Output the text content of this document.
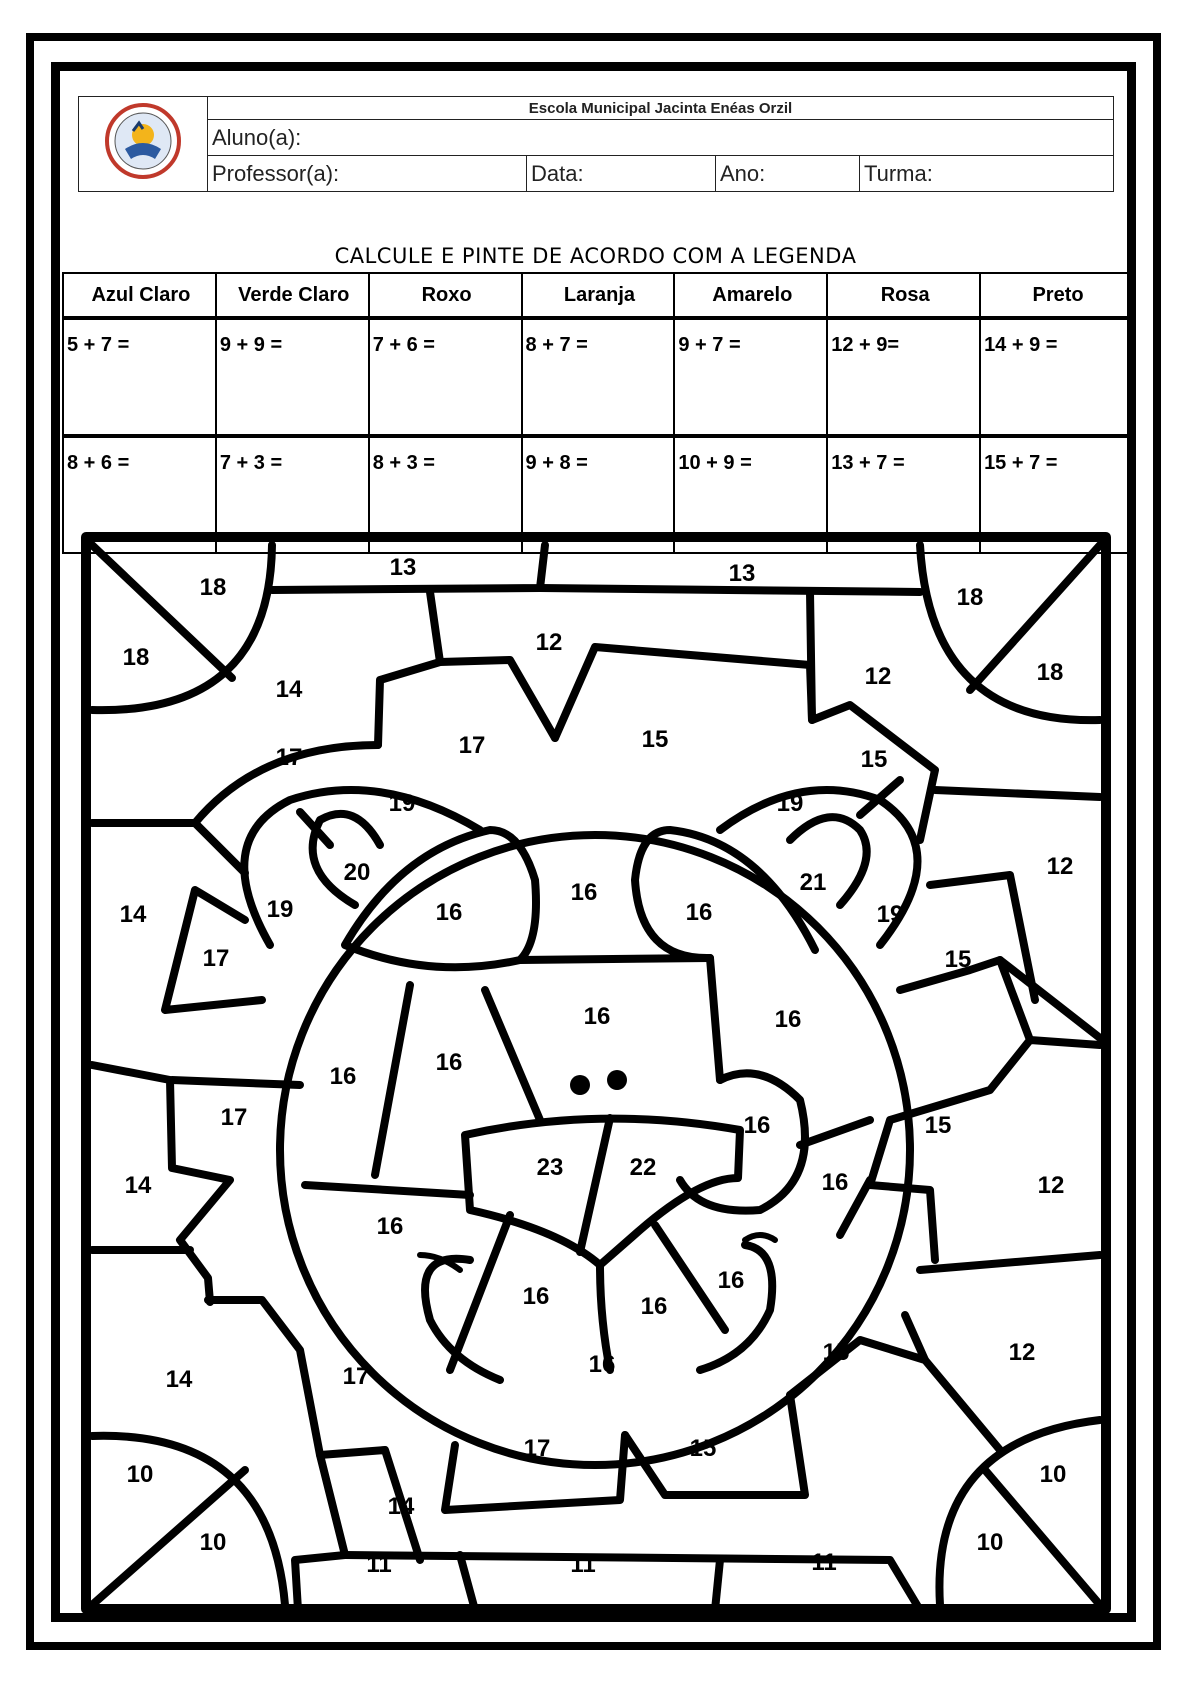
	Escola Municipal Jacinta Enéas Orzil			
	Aluno(a):			
	Professor(a):	Data:	Ano:	Turma:
CALCULE E PINTE DE ACORDO COM A LEGENDA
Azul Claro	Verde Claro	Roxo	Laranja	Amarelo	Rosa	Preto
5 + 7 =	9 + 9 =	7 + 6 =	8 + 7 =	9 + 7 =	12 + 9=	14 + 9 =
8 + 6 =	7 + 3 =	8 + 3 =	9 + 8 =	10 + 9 =	13 + 7 =	15 + 7 =
18
13	13
18
18
12
12
14
17
15
17
15
19	19
20	21
16
16
16
12
14	19	19
17	15
16	16
16
16
16
17
16
15
14	12
23	22
16
16
16	16
16
14	17
15	12
17	15
10
14
10
10	10
11	11	11
18
